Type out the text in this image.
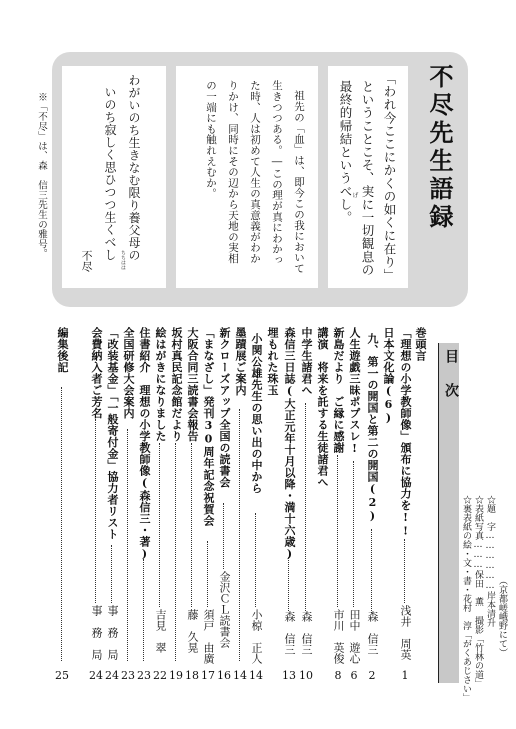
不尽先生語録
「われ今ここにかくの如くに在り」
ということこそ、実に一切観息の
げ
最終的帰結というべし。
祖先の「血」は、即今この我において
生きつつある。―この理が真にわかっ
た時、人は初めて人生の真意義がわか
りかけ、同時にその辺から天地の実相
の一端にも触れえむか。
わがいのち生きなむ限り養父母の
ちちはは
いのち寂しく思ひつつ生くべし
不尽
※「不尽」は、森　信三先生の雅号。
目　次
☆題　字………………岸本清升
☆表紙写真………保田　薫 撮影「竹林の道」
☆裏表紙の絵・文・書・花村　淳「がくあじさい」	（京都嵯峨野にて）
巻頭言
「理想の小学教師像」頒布に協力を!!
浅井　周英
1
日本文化論(6)
九、第一の開国と第二の開国(2)
森　信三
2
人生遊戯三昧ポプスレ!
田中　遊心
6
新島だより　ご縁に感謝
市川　英俊
8
講演　将来を託する生徒諸君へ
中学生諸君へ
森　信三
10
森信三日誌(大正元年十月以降・満十六歳)
森　信三
13
埋もれた珠玉
小関公雄先生の思い出の中から
小椋　正人
14
墨蹟展ご案内
14
新クローズアップ全国の読書会
金沢ＣＬ読書会
16
「まなざし」発刊30周年記念祝賀会
須戸　由廣
17
大阪合同三読書会報告
藤　久晃
18
坂村真民記念館だより
19
絵はがきになりました
吉見　翠
22
住書紹介　理想の小学教師像(森信三・著)
23
全国研修大会案内
23
「改装基金」「一般寄付金」協力者リスト
事　務　局
24
会費納入者ご芳名
事　務　局
24
編集後記
25
